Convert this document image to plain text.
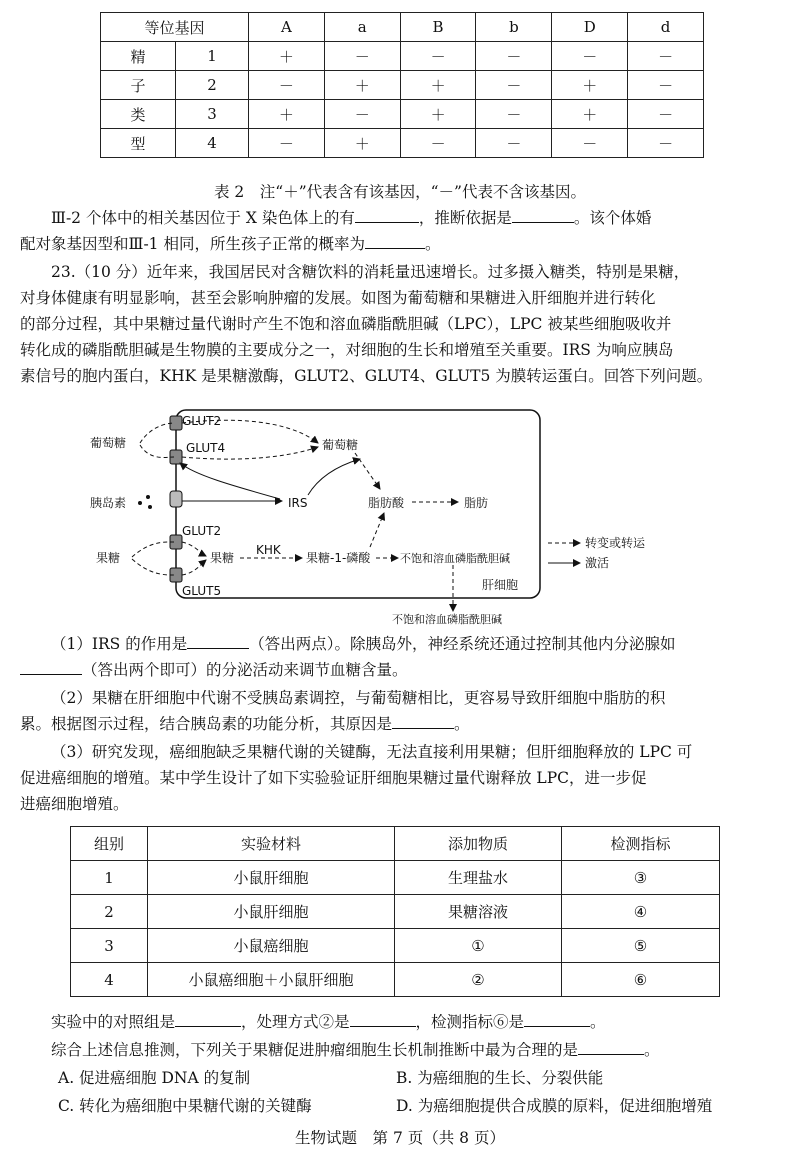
等位基因		A	a	B	b	D	d
精	1	＋	－	－	－	－	－
子	2	－	＋	＋	－	＋	－
类	3	＋	－	＋	－	＋	－
型	4	－	＋	－	－	－	－
表 2　注“＋”代表含有该基因，“－”代表不含该基因。
Ⅲ-2 个体中的相关基因位于 X 染色体上的有	，推断依据是	。该个体婚
配对象基因型和Ⅲ-1 相同，所生孩子正常的概率为	。
23.（10 分）近年来，我国居民对含糖饮料的消耗量迅速增长。过多摄入糖类，特别是果糖，
对身体健康有明显影响，甚至会影响肿瘤的发展。如图为葡萄糖和果糖进入肝细胞并进行转化
的部分过程，其中果糖过量代谢时产生不饱和溶血磷脂酰胆碱（LPC），LPC 被某些细胞吸收并
转化成的磷脂酰胆碱是生物膜的主要成分之一，对细胞的生长和增殖至关重要。IRS 为响应胰岛
素信号的胞内蛋白，KHK 是果糖激酶，GLUT2、GLUT4、GLUT5 为膜转运蛋白。回答下列问题。
GLUT2
GLUT4
葡萄糖	葡萄糖
胰岛素	IRS	脂肪酸	脂肪
GLUT2
果糖	果糖
KHK
果糖-1-磷酸	不饱和溶血磷脂酰胆碱
肝细胞
GLUT5
不饱和溶血磷脂酰胆碱
转变或转运
激活
（1）IRS 的作用是	（答出两点）。除胰岛外，神经系统还通过控制其他内分泌腺如
（答出两个即可）的分泌活动来调节血糖含量。
（2）果糖在肝细胞中代谢不受胰岛素调控，与葡萄糖相比，更容易导致肝细胞中脂肪的积
累。根据图示过程，结合胰岛素的功能分析，其原因是	。
（3）研究发现，癌细胞缺乏果糖代谢的关键酶，无法直接利用果糖；但肝细胞释放的 LPC 可
促进癌细胞的增殖。某中学生设计了如下实验验证肝细胞果糖过量代谢释放 LPC，进一步促
进癌细胞增殖。
组别	实验材料	添加物质	检测指标
1	小鼠肝细胞	生理盐水	③
2	小鼠肝细胞	果糖溶液	④
3	小鼠癌细胞	①	⑤
4	小鼠癌细胞＋小鼠肝细胞	②	⑥
实验中的对照组是	，处理方式②是	，检测指标⑥是	。
综合上述信息推测，下列关于果糖促进肿瘤细胞生长机制推断中最为合理的是	。
A. 促进癌细胞 DNA 的复制	B. 为癌细胞的生长、分裂供能
C. 转化为癌细胞中果糖代谢的关键酶	D. 为癌细胞提供合成膜的原料，促进细胞增殖
生物试题　第 7 页（共 8 页）
